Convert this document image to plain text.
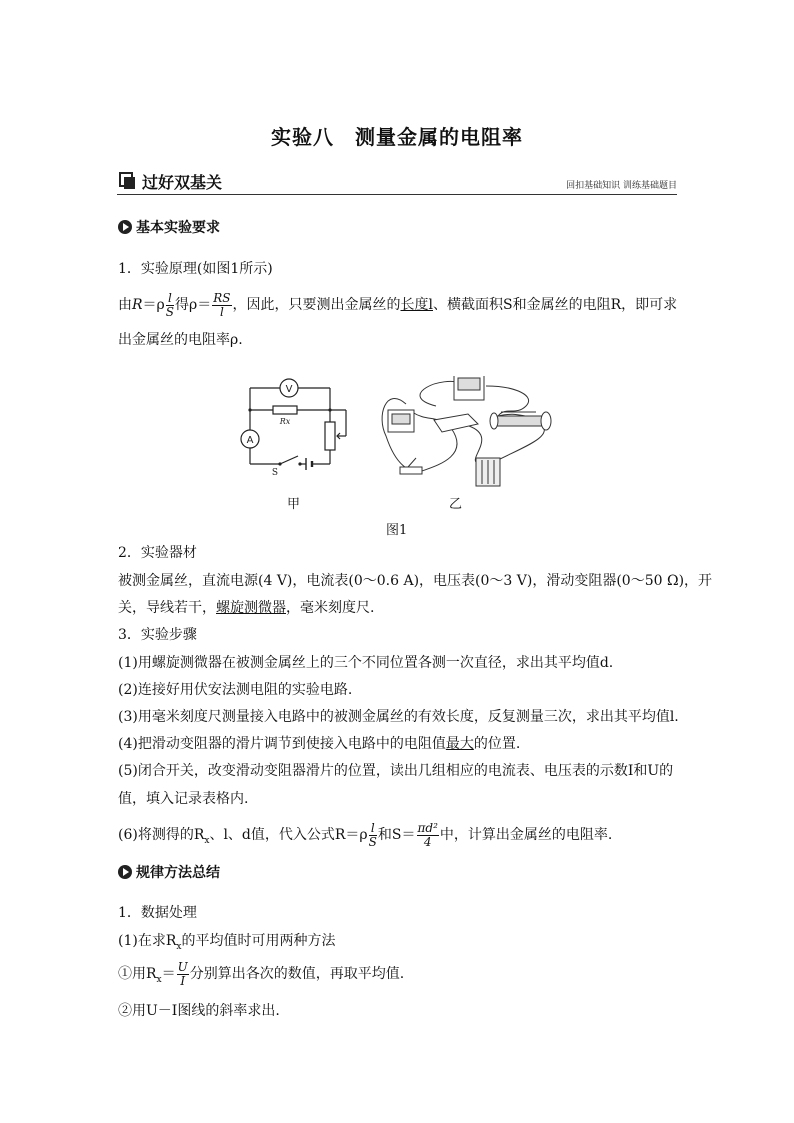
实验八　测量金属的电阻率
过好双基关	回扣基础知识 训练基础题目
基本实验要求
1．实验原理(如图1所示)
由$R=\rho \frac{l}{S}$ 得$\rho= \frac{RS}{l}$ ，因此，只要测出金属丝的长度l、横截面积S和金属丝的电阻R，即可求
出金属丝的电阻率ρ.
V
A
Rx
S
甲	乙
图1
2．实验器材
被测金属丝，直流电源(4 V)，电流表(0～0.6 A)，电压表(0～3 V)，滑动变阻器(0～50 Ω)，开
关，导线若干，螺旋测微器，毫米刻度尺.
3．实验步骤
(1)用螺旋测微器在被测金属丝上的三个不同位置各测一次直径，求出其平均值d.
(2)连接好用伏安法测电阻的实验电路.
(3)用毫米刻度尺测量接入电路中的被测金属丝的有效长度，反复测量三次，求出其平均值l.
(4)把滑动变阻器的滑片调节到使接入电路中的电阻值最大的位置.
(5)闭合开关，改变滑动变阻器滑片的位置，读出几组相应的电流表、电压表的示数I和U的
值，填入记录表格内.
(6)将测得的$R_x$、l、d值，代入公式$R=\rho \frac{l}{S}$ 和$S= \frac{\text{πd²}}{4}$ 中，计算出金属丝的电阻率.
规律方法总结
1．数据处理
(1)在求$R_x$的平均值时可用两种方法
①用$R_x= \frac{U}{I}$ 分别算出各次的数值，再取平均值.
②用U－I图线的斜率求出.
